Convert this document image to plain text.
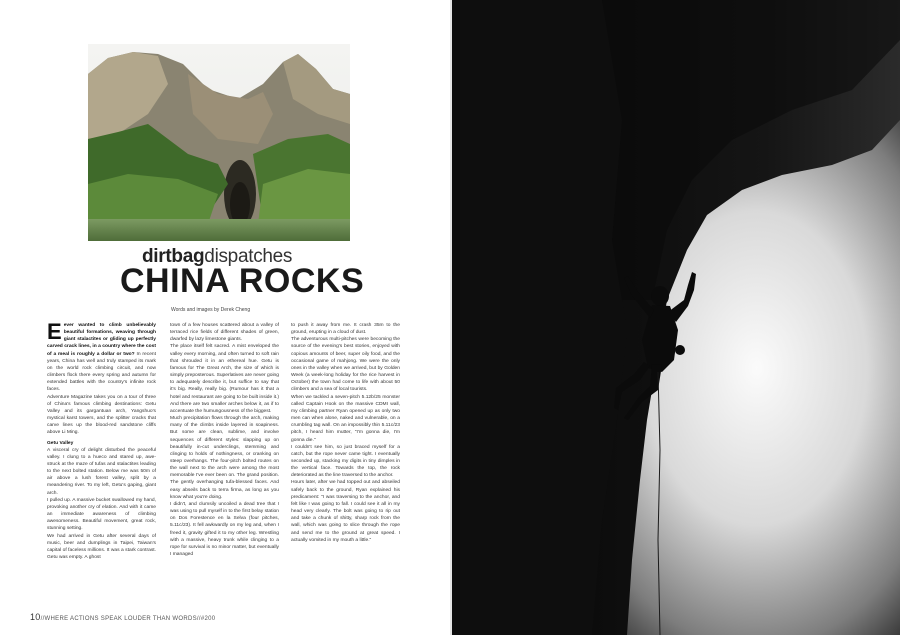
dirtbagdispatches
CHINA ROCKS
Words and images by Derek Cheng

Eever wanted to climb unbelievably beautiful formations, weaving through giant stalactites or gliding up perfectly carved crack lines, in a country where the cost of a meal is roughly a dollar or two? In recent years, China has well and truly stamped its mark on the world rock climbing circuit, and now climbers flock there every spring and autumn for extended battles with the country's infinite rock faces.

Adventure Magazine takes you on a tour of three of China's famous climbing destinations: Getu Valley and its gargantuan arch, Yangshuo's mystical karst towers, and the splitter cracks that carve lines up the blood-red sandstone cliffs above Li Ming.

Getu Valley

A visceral cry of delight disturbed the peaceful valley. I clung to a hueco and stared up, awe-struck at the maze of tufas and stalactites leading to the next bolted station. Below me was 50m of air above a lush forest valley, split by a meandering river. To my left, Getu's gaping, giant arch.

I pulled up. A massive bucket swallowed my hand, provoking another cry of elation. And with it came an immediate awareness of climbing awesomeness. Beautiful movement, great rock, stunning setting.

We had arrived in Getu after several days of music, beer and dumplings in Taipei, Taiwan's capital of faceless millions. It was a stark contrast. Getu was empty. A ghost

town of a few houses scattered about a valley of terraced rice fields of different shades of green, dwarfed by lazy limestone giants.

The place itself felt sacred. A mist enveloped the valley every morning, and often turned to soft rain that shrouded it in an ethereal hue. Getu is famous for The Great Arch, the size of which is simply preposterous. Superlatives are never going to adequately describe it, but suffice to say that it's big. Really, really big. (Rumour has it that a hotel and restaurant are going to be built inside it.) And there are two smaller arches below it, as if to accentuate the humungousness of the biggest.

Much precipitation flows through the arch, making many of the climbs inside layered in soapiness. But some are clean, sublime, and involve sequences of different styles: slapping up on beautifully in-cut underclings, stemming and clinging to holds of nothingness, or cranking on steep overhangs. The four-pitch bolted routes on the wall next to the arch were among the most memorable I've ever been on. The grand position. The gently overhanging tufa-blessed faces. And easy abseils back to terra firma, as long as you know what you're doing.

I didn't, and clumsily uncoiled a dead tree that I was using to pull myself in to the first belay station on Dos Forestence en la Selva (four pitches, 5.11c/23). It fell awkwardly on my leg and, when I freed it, gravity gifted it to my other leg. Wrestling with a massive, heavy trunk while clinging to a rope for survival is no minor matter, but eventually I managed

to push it away from me. It crash 35m to the ground, erupting in a cloud of dust.

The adventurous multi-pitches were becoming the source of the evening's best stories, enjoyed with copious amounts of beer, super oily food, and the occasional game of mahjong. We were the only ones in the valley when we arrived, but by Golden Week (a week-long holiday for the rice harvest in October) the town had come to life with about 50 climbers and a sea of local tourists.

When we tackled a seven-pitch 5.12b/25 monster called Captain Hook on the massive CDMI wall, my climbing partner Ryan opened up as only two men can when alone, naked and vulnerable, on a crumbling tag wall. On an impossibly thin 5.11c/23 pitch, I heard him mutter, "I'm gonna die, I'm gonna die."

I couldn't see him, so just braced myself for a catch, but the rope never came tight. I eventually seconded up, stacking my digits in tiny dimples in the vertical face. Towards the top, the rock deteriorated as the line traversed to the anchor.

Hours later, after we had topped out and abseiled safely back to the ground, Ryan explained his predicament: "I was traversing to the anchor, and felt like I was going to fall. I could see it all in my head very clearly. The bolt was going to rip out and take a chunk of shitty, sharp rock from the wall, which was going to slice through the rope and send me to the ground at great speed. I actually vomited in my mouth a little."

10//WHERE ACTIONS SPEAK LOUDER THAN WORDS//#200
